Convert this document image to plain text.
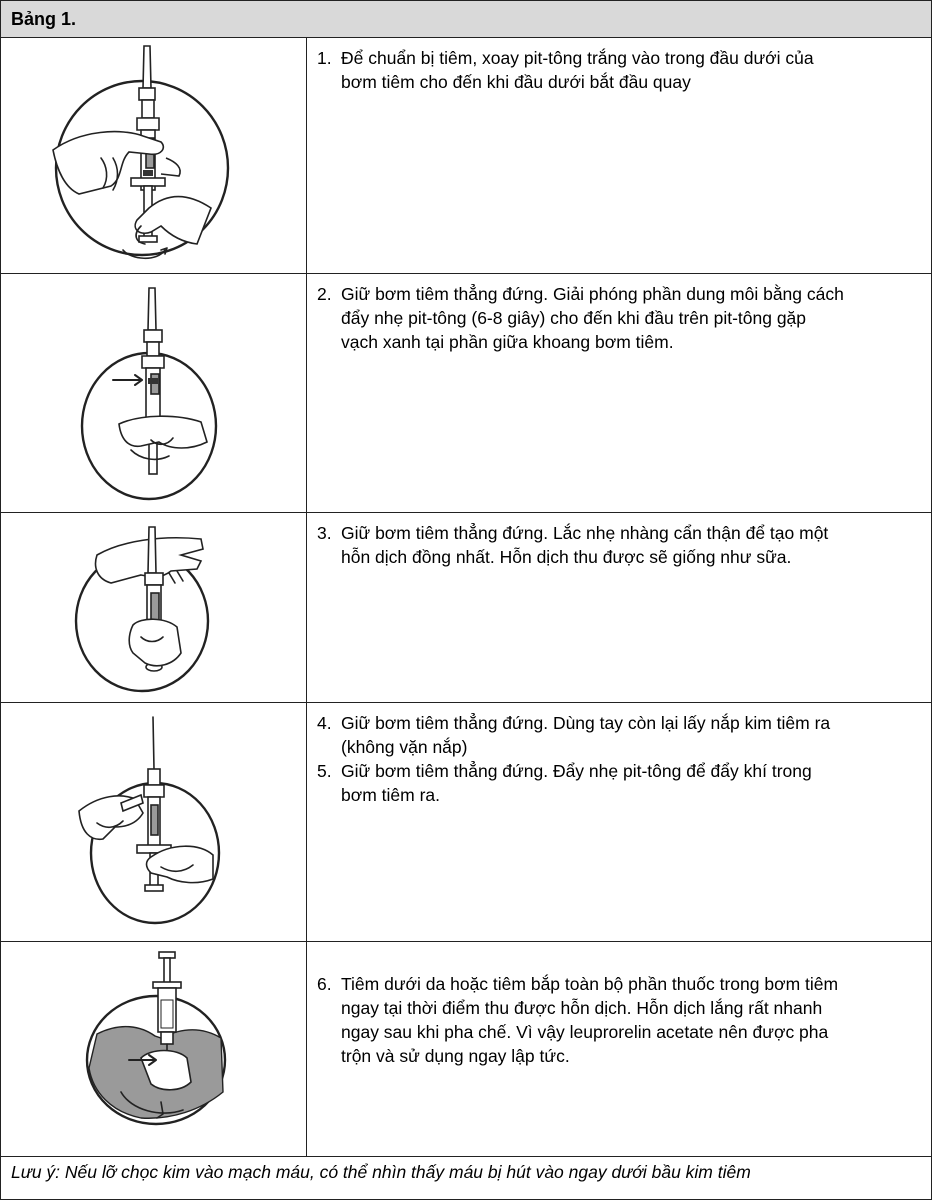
Bảng 1.
1. Để chuẩn bị tiêm, xoay pit-tông trắng vào trong đầu dưới của
bơm tiêm cho đến khi đầu dưới bắt đầu quay
2. Giữ bơm tiêm thẳng đứng. Giải phóng phần dung môi bằng cách
đẩy nhẹ pit-tông (6-8 giây) cho đến khi đầu trên pit-tông gặp
vạch xanh tại phần giữa khoang bơm tiêm.
3. Giữ bơm tiêm thẳng đứng. Lắc nhẹ nhàng cẩn thận để tạo một
hỗn dịch đồng nhất. Hỗn dịch thu được sẽ giống như sữa.
4. Giữ bơm tiêm thẳng đứng. Dùng tay còn lại lấy nắp kim tiêm ra
(không vặn nắp)
5. Giữ bơm tiêm thẳng đứng. Đẩy nhẹ pit-tông để đẩy khí trong
bơm tiêm ra.
6. Tiêm dưới da hoặc tiêm bắp toàn bộ phần thuốc trong bơm tiêm
ngay tại thời điểm thu được hỗn dịch. Hỗn dịch lắng rất nhanh
ngay sau khi pha chế. Vì vậy leuprorelin acetate nên được pha
trộn và sử dụng ngay lập tức.
Lưu ý: Nếu lỡ chọc kim vào mạch máu, có thể nhìn thấy máu bị hút vào ngay dưới bầu kim tiêm
